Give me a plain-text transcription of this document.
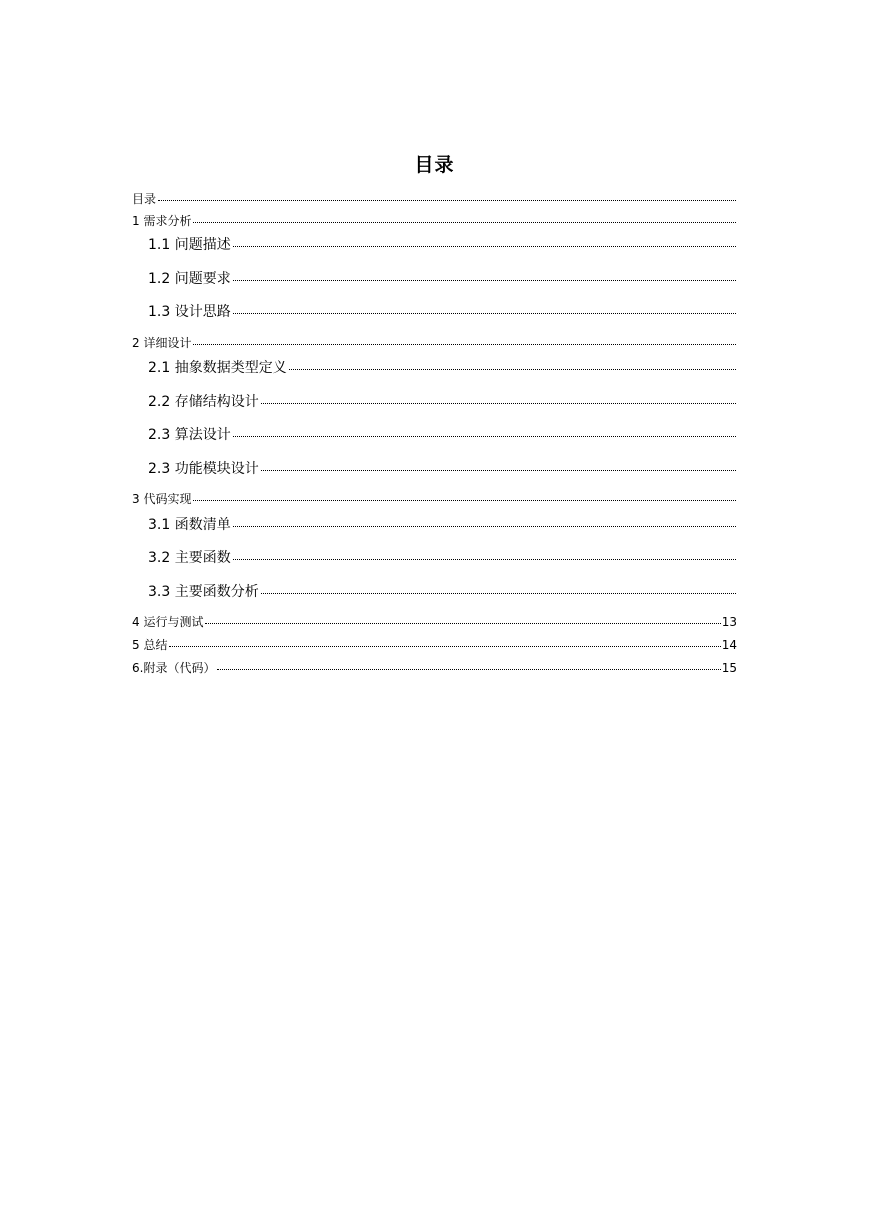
目录
目录
1 需求分析
1.1 问题描述
1.2 问题要求
1.3 设计思路
2 详细设计
2.1 抽象数据类型定义
2.2 存储结构设计
2.3 算法设计
2.3 功能模块设计
3 代码实现
3.1 函数清单
3.2 主要函数
3.3 主要函数分析
4 运行与测试	13
5 总结	14
6.附录（代码）	15
